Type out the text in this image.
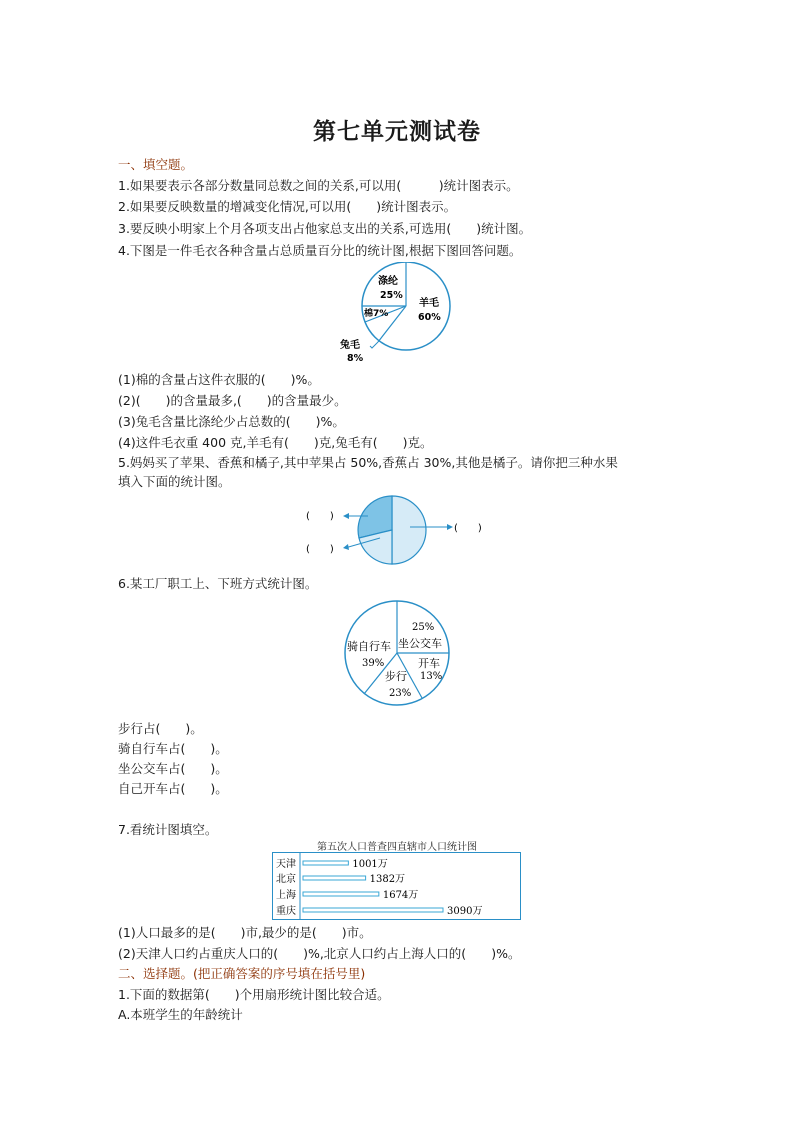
第七单元测试卷
一、填空题。
1.如果要表示各部分数量同总数之间的关系,可以用(　　　)统计图表示。
2.如果要反映数量的增减变化情况,可以用(　　)统计图表示。
3.要反映小明家上个月各项支出占他家总支出的关系,可选用(　　)统计图。
4.下图是一件毛衣各种含量占总质量百分比的统计图,根据下图回答问题。
涤纶
25%
羊毛
60%
棉7%
兔毛
8%
(1)棉的含量占这件衣服的(　　)%。
(2)(　　)的含量最多,(　　)的含量最少。
(3)兔毛含量比涤纶少占总数的(　　)%。
(4)这件毛衣重 400 克,羊毛有(　　)克,兔毛有(　　)克。
5.妈妈买了苹果、香蕉和橘子,其中苹果占 50%,香蕉占 30%,其他是橘子。请你把三种水果
填入下面的统计图。
(　　)
(　　)
(　　)
6.某工厂职工上、下班方式统计图。
25%
坐公交车
骑自行车
39%	开车
13%
步行
23%
步行占(　　)。
骑自行车占(　　)。
坐公交车占(　　)。
自己开车占(　　)。
7.看统计图填空。
第五次人口普查四直辖市人口统计图
天津	1001万
北京	1382万
上海	1674万
重庆	3090万
(1)人口最多的是(　　)市,最少的是(　　)市。
(2)天津人口约占重庆人口的(　　)%,北京人口约占上海人口的(　　)%。
二、选择题。(把正确答案的序号填在括号里)
1.下面的数据第(　　)个用扇形统计图比较合适。
A.本班学生的年龄统计
